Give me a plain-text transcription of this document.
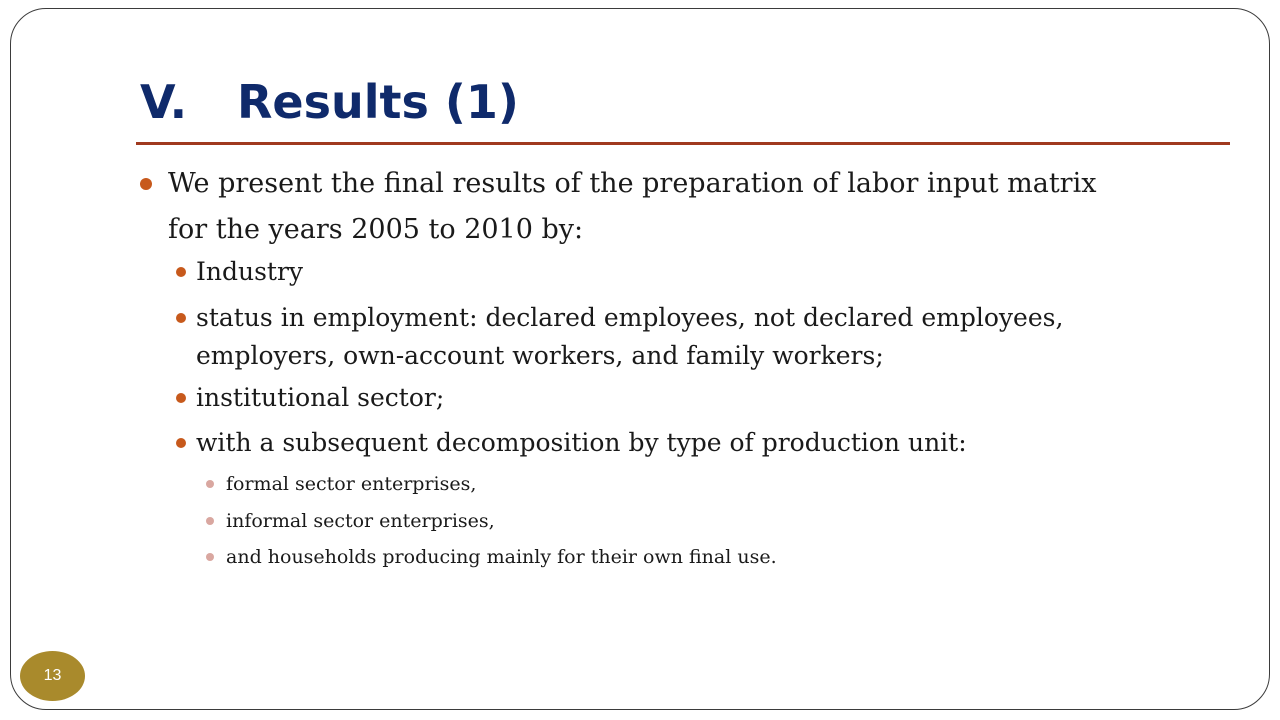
V. Results (1)

We present the final results of the preparation of labor input matrix

for the years 2005 to 2010 by:

Industry

status in employment: declared employees, not declared employees,

employers, own-account workers, and family workers;

institutional sector;

with a subsequent decomposition by type of production unit:

formal sector enterprises,

informal sector enterprises,

and households producing mainly for their own final use.

13
